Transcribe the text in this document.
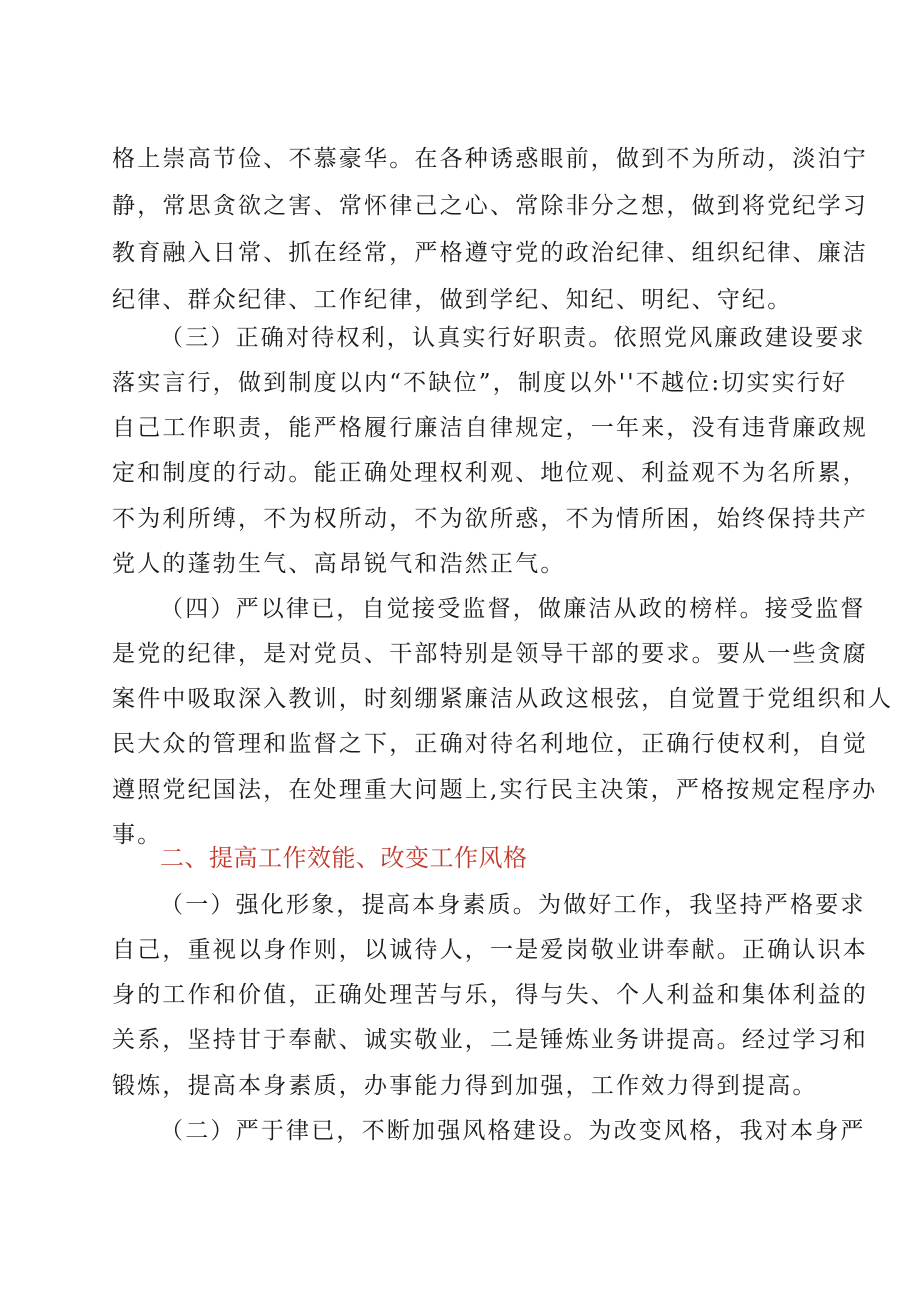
格上崇高节俭、不慕豪华。在各种诱惑眼前，做到不为所动，淡泊宁
静，常思贪欲之害、常怀律己之心、常除非分之想，做到将党纪学习
教育融入日常、抓在经常，严格遵守党的政治纪律、组织纪律、廉洁
纪律、群众纪律、工作纪律，做到学纪、知纪、明纪、守纪。
（三）正确对待权利，认真实行好职责。依照党风廉政建设要求
落实言行，做到制度以内“不缺位”，制度以外''不越位:切实实行好
自己工作职责，能严格履行廉洁自律规定，一年来，没有违背廉政规
定和制度的行动。能正确处理权利观、地位观、利益观不为名所累，
不为利所缚，不为权所动，不为欲所惑，不为情所困，始终保持共产
党人的蓬勃生气、高昂锐气和浩然正气。
（四）严以律已，自觉接受监督，做廉洁从政的榜样。接受监督
是党的纪律，是对党员、干部特别是领导干部的要求。要从一些贪腐
案件中吸取深入教训，时刻绷紧廉洁从政这根弦，自觉置于党组织和人
民大众的管理和监督之下，正确对待名利地位，正确行使权利，自觉
遵照党纪国法，在处理重大问题上,实行民主决策，严格按规定程序办
事。
二、提高工作效能、改变工作风格
（一）强化形象，提高本身素质。为做好工作，我坚持严格要求
自己，重视以身作则，以诚待人，一是爱岗敬业讲奉献。正确认识本
身的工作和价值，正确处理苦与乐，得与失、个人利益和集体利益的
关系，坚持甘于奉献、诚实敬业，二是锤炼业务讲提高。经过学习和
锻炼，提高本身素质，办事能力得到加强，工作效力得到提高。
（二）严于律已，不断加强风格建设。为改变风格，我对本身严
